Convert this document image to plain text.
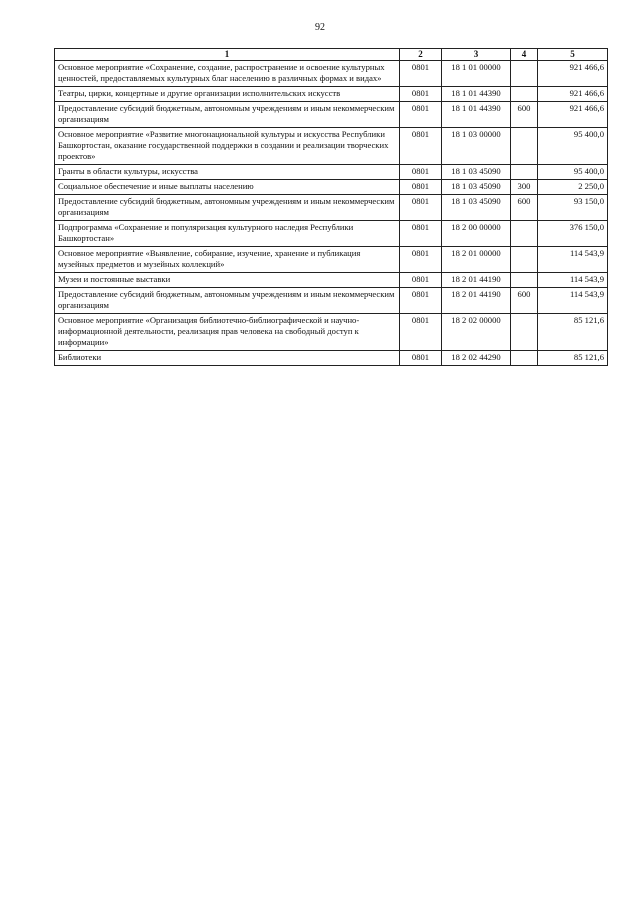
92
1	2	3	4	5
Основное мероприятие «Сохранение, создание, распространение и освоение культурных ценностей, предоставляемых культурных благ населению в различных формах и видах»	0801	18 1 01 00000		921 466,6
Театры, цирки, концертные и другие организации исполнительских искусств	0801	18 1 01 44390		921 466,6
Предоставление субсидий бюджетным, автономным учреждениям и иным некоммерческим организациям	0801	18 1 01 44390	600	921 466,6
Основное мероприятие «Развитие многонациональной культуры и искусства Республики Башкортостан, оказание государственной поддержки в создании и реализации творческих проектов»	0801	18 1 03 00000		95 400,0
Гранты в области культуры, искусства	0801	18 1 03 45090		95 400,0
Социальное обеспечение и иные выплаты населению	0801	18 1 03 45090	300	2 250,0
Предоставление субсидий бюджетным, автономным учреждениям и иным некоммерческим организациям	0801	18 1 03 45090	600	93 150,0
Подпрограмма «Сохранение и популяризация культурного наследия Республики Башкортостан»	0801	18 2 00 00000		376 150,0
Основное мероприятие «Выявление, собирание, изучение, хранение и публикация музейных предметов и музейных коллекций»	0801	18 2 01 00000		114 543,9
Музеи и постоянные выставки	0801	18 2 01 44190		114 543,9
Предоставление субсидий бюджетным, автономным учреждениям и иным некоммерческим организациям	0801	18 2 01 44190	600	114 543,9
Основное мероприятие «Организация библиотечно-библиографической и научно-информационной деятельности, реализация прав человека на свободный доступ к информации»	0801	18 2 02 00000		85 121,6
Библиотеки	0801	18 2 02 44290		85 121,6
